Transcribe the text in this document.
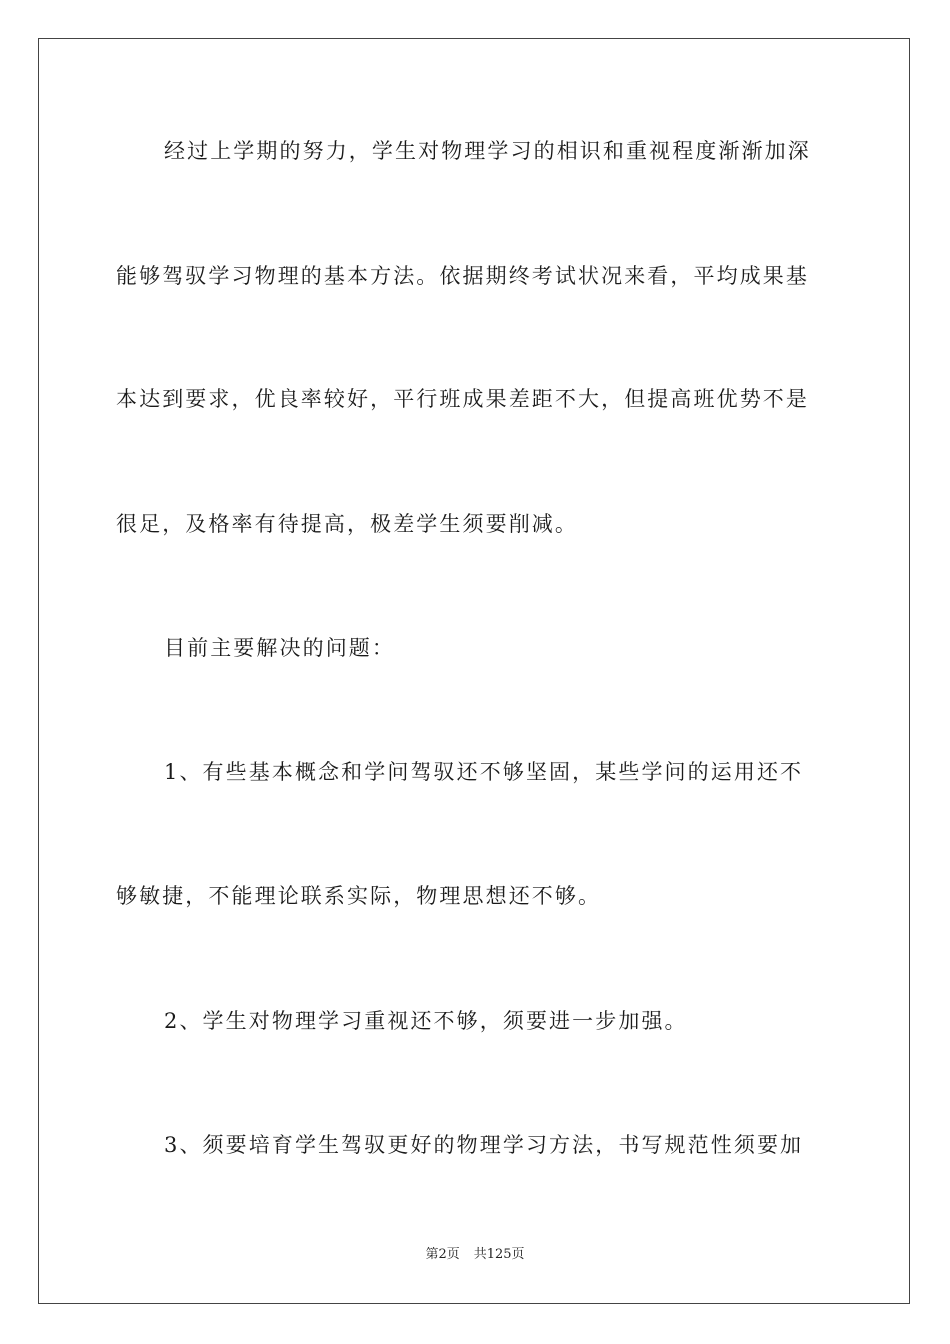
经过上学期的努力，学生对物理学习的相识和重视程度渐渐加深
能够驾驭学习物理的基本方法。依据期终考试状况来看，平均成果基
本达到要求，优良率较好，平行班成果差距不大，但提高班优势不是
很足，及格率有待提高，极差学生须要削减。
目前主要解决的问题：
1、有些基本概念和学问驾驭还不够坚固，某些学问的运用还不
够敏捷，不能理论联系实际，物理思想还不够。
2、学生对物理学习重视还不够，须要进一步加强。
3、须要培育学生驾驭更好的物理学习方法，书写规范性须要加
第2页 共125页
